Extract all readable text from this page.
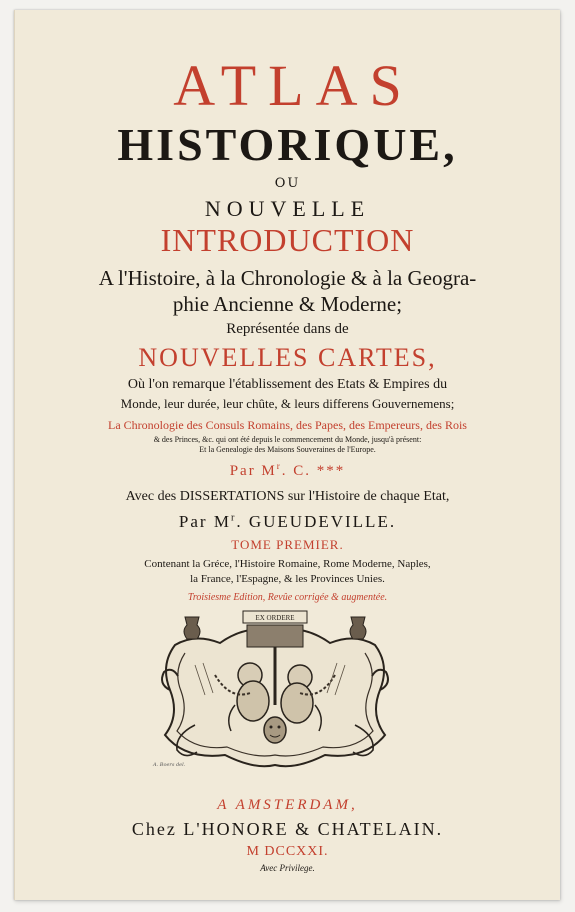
ATLAS
HISTORIQUE,
OU
NOUVELLE
INTRODUCTION
A l'Histoire, à la Chronologie & à la Geogra-
phie Ancienne & Moderne;
Représentée dans de
NOUVELLES CARTES,
Où l'on remarque l'établissement des Etats & Empires du
Monde, leur durée, leur chûte, & leurs differens Gouvernemens;
La Chronologie des Consuls Romains, des Papes, des Empereurs, des Rois
& des Princes, &c. qui ont été depuis le commencement du Monde, jusqu'à présent:
Et la Genealogie des Maisons Souveraines de l'Europe.
Par $M^r$. C. ***
Avec des DISSERTATIONS sur l'Histoire de chaque Etat,
Par $M^r$. GUEUDEVILLE.
TOME PREMIER.
Contenant la Gréce, l'Histoire Romaine, Rome Moderne, Naples,
la France, l'Espagne, & les Provinces Unies.
Troisiesme Edition, Revûe corrigée & augmentée.
EX ORDERE
A. Boers del.
A AMSTERDAM,
Chez L'HONORE & CHATELAIN.
M DCCXXI.
Avec Privilege.
